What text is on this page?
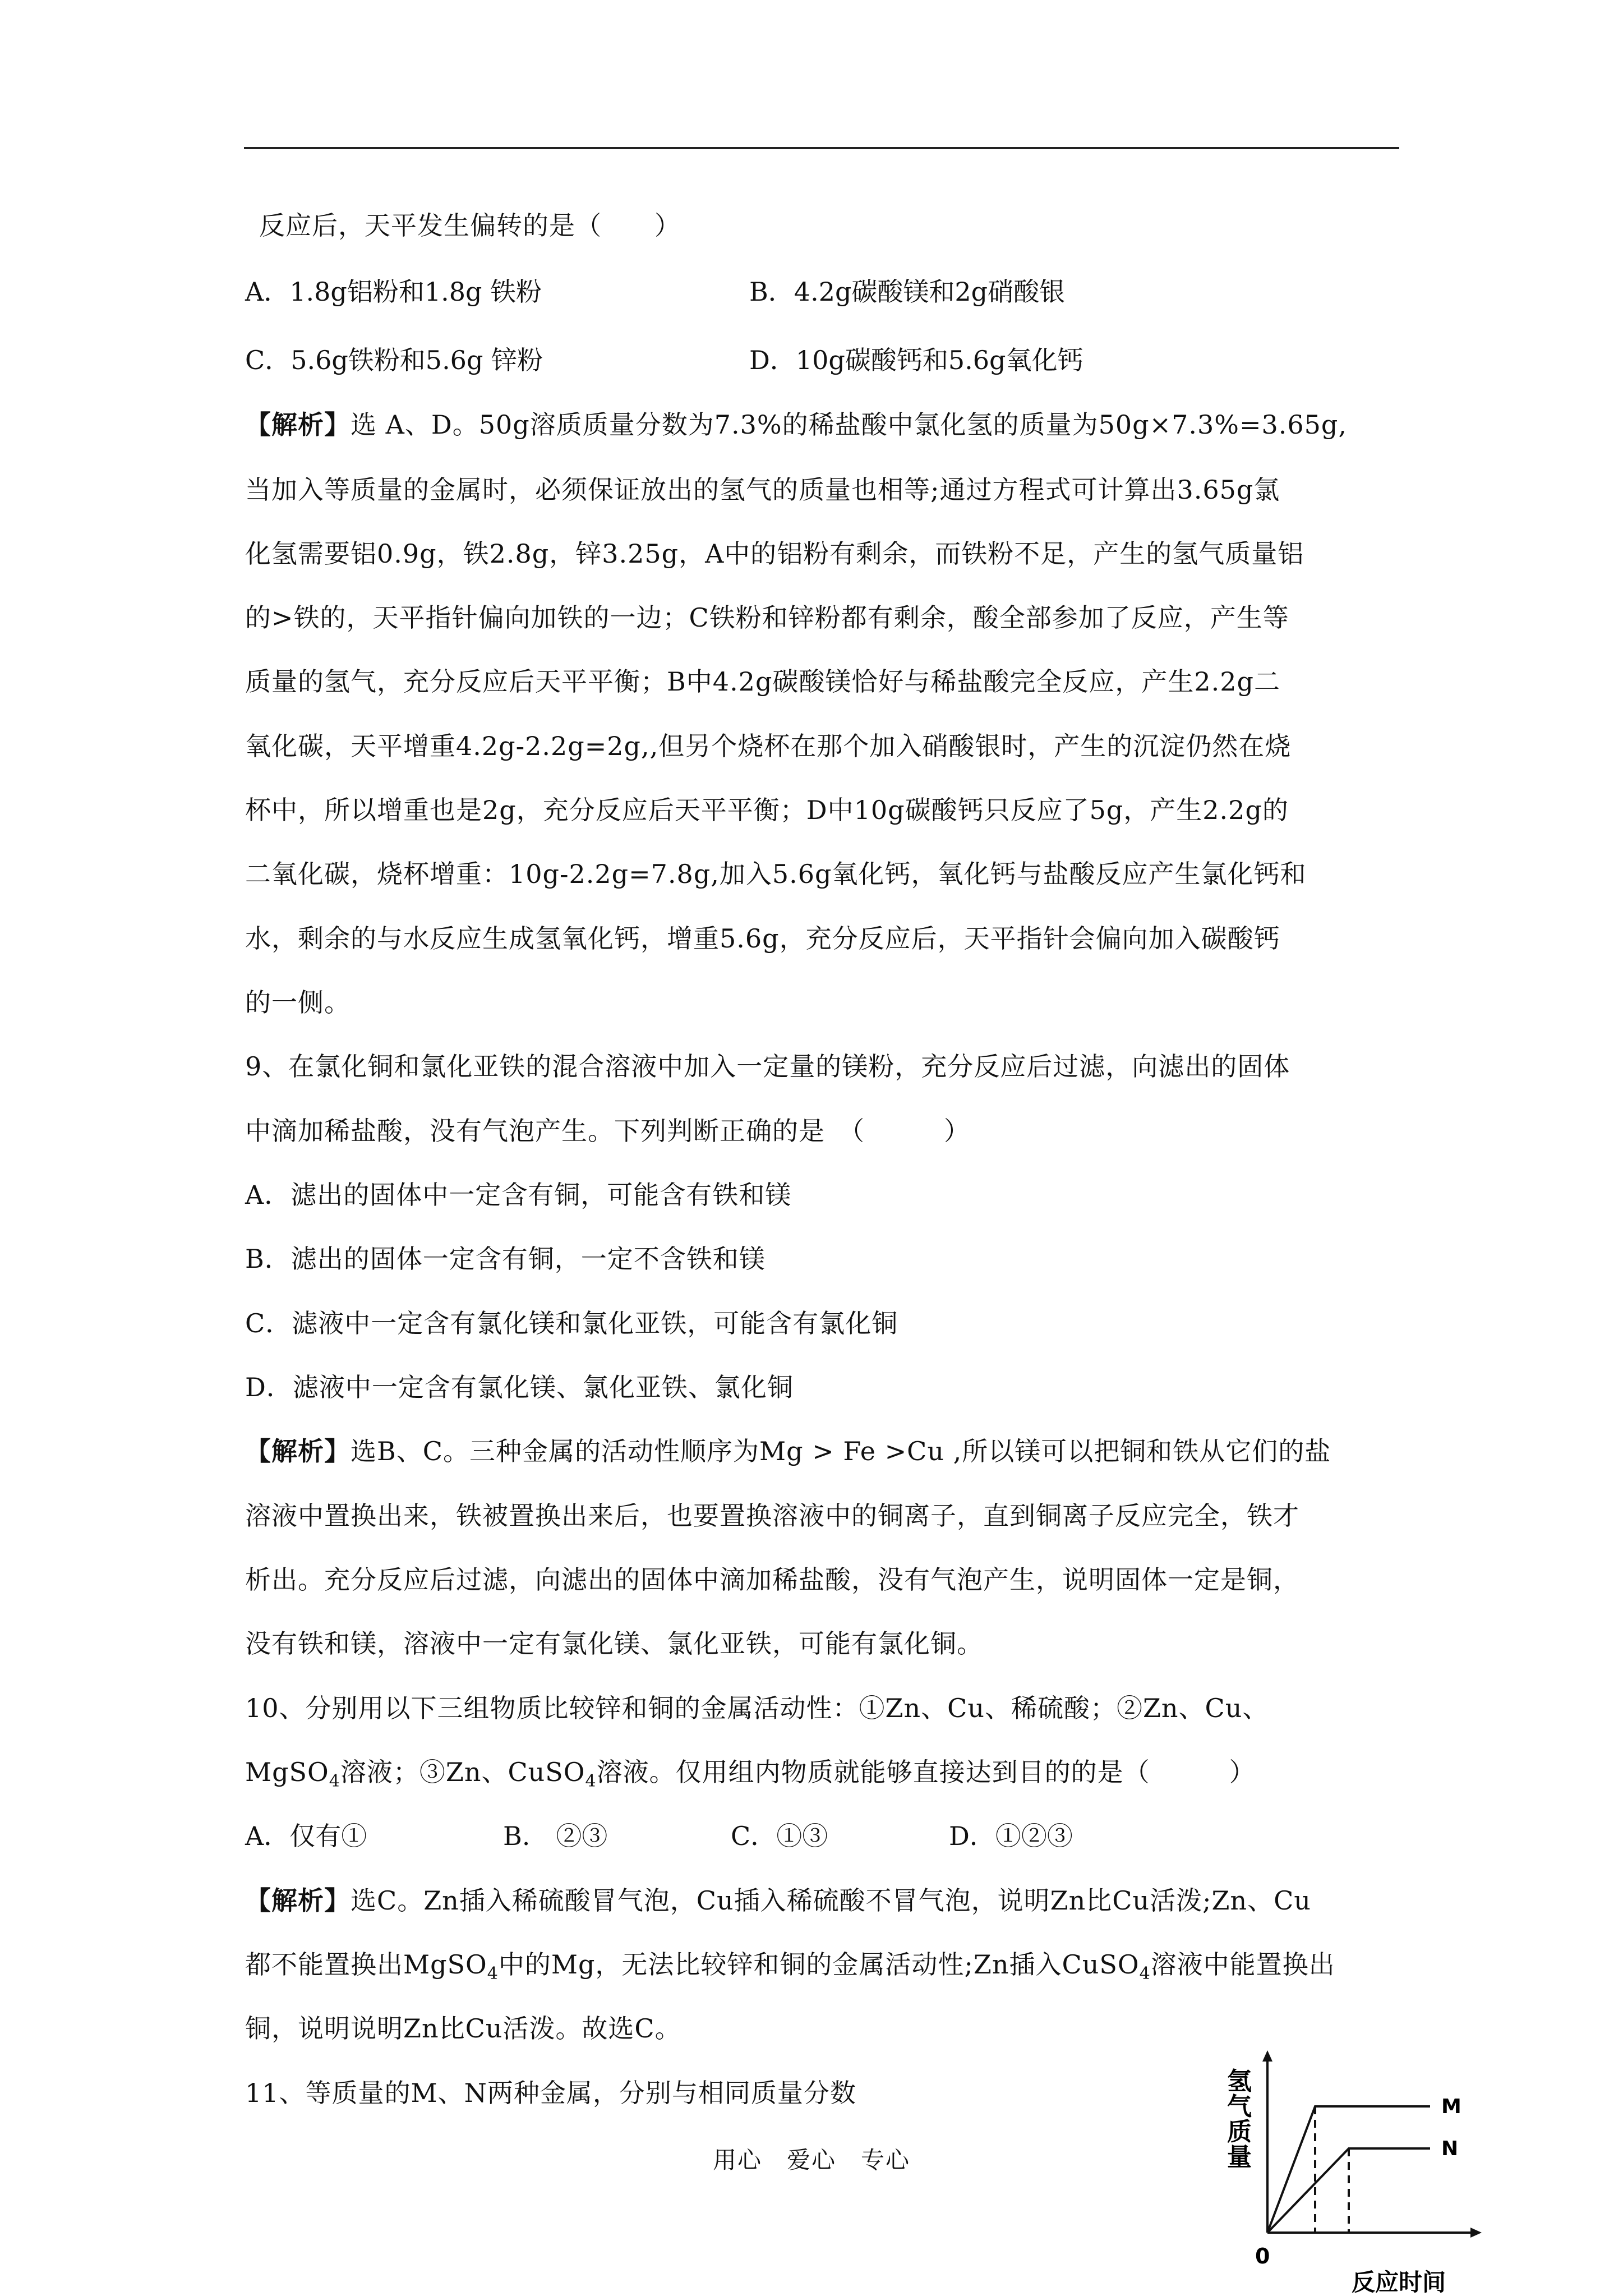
反应后，天平发生偏转的是（　　）
A．1.8g铝粉和1.8g 铁粉	B．4.2g碳酸镁和2g硝酸银
C．5.6g铁粉和5.6g 锌粉	D．10g碳酸钙和5.6g氧化钙
【解析】选 A、D。50g溶质质量分数为7.3%的稀盐酸中氯化氢的质量为50g×7.3%=3.65g,
当加入等质量的金属时，必须保证放出的氢气的质量也相等;通过方程式可计算出3.65g氯
化氢需要铝0.9g，铁2.8g，锌3.25g，A中的铝粉有剩余，而铁粉不足，产生的氢气质量铝
的>铁的，天平指针偏向加铁的一边；C铁粉和锌粉都有剩余，酸全部参加了反应，产生等
质量的氢气，充分反应后天平平衡；B中4.2g碳酸镁恰好与稀盐酸完全反应，产生2.2g二
氧化碳，天平增重4.2g-2.2g=2g,,但另个烧杯在那个加入硝酸银时，产生的沉淀仍然在烧
杯中，所以增重也是2g，充分反应后天平平衡；D中10g碳酸钙只反应了5g，产生2.2g的
二氧化碳，烧杯增重：10g-2.2g=7.8g,加入5.6g氧化钙，氧化钙与盐酸反应产生氯化钙和
水，剩余的与水反应生成氢氧化钙，增重5.6g，充分反应后，天平指针会偏向加入碳酸钙
的一侧。
9、在氯化铜和氯化亚铁的混合溶液中加入一定量的镁粉，充分反应后过滤，向滤出的固体
中滴加稀盐酸，没有气泡产生。下列判断正确的是　（　　　）
A．滤出的固体中一定含有铜，可能含有铁和镁
B．滤出的固体一定含有铜，一定不含铁和镁
C．滤液中一定含有氯化镁和氯化亚铁，可能含有氯化铜
D．滤液中一定含有氯化镁、氯化亚铁、氯化铜
【解析】选B、C。三种金属的活动性顺序为Mg > Fe >Cu ,所以镁可以把铜和铁从它们的盐
溶液中置换出来，铁被置换出来后，也要置换溶液中的铜离子，直到铜离子反应完全，铁才
析出。充分反应后过滤，向滤出的固体中滴加稀盐酸，没有气泡产生，说明固体一定是铜，
没有铁和镁，溶液中一定有氯化镁、氯化亚铁，可能有氯化铜。
10、分别用以下三组物质比较锌和铜的金属活动性：①Zn、Cu、稀硫酸；②Zn、Cu、
MgSO$_4$溶液；③Zn、CuSO$_4$溶液。仅用组内物质就能够直接达到目的的是（　　　）
A．仅有①	B.　②③	C．①③	D．①②③
【解析】选C。Zn插入稀硫酸冒气泡，Cu插入稀硫酸不冒气泡，说明Zn比Cu活泼;Zn、Cu
都不能置换出MgSO$_4$中的Mg，无法比较锌和铜的金属活动性;Zn插入CuSO$_4$溶液中能置换出
铜，说明说明Zn比Cu活泼。故选C。
11、等质量的M、N两种金属，分别与相同质量分数
用心　爱心　专心
氢
气
质
量
0
反应时间
M
N
